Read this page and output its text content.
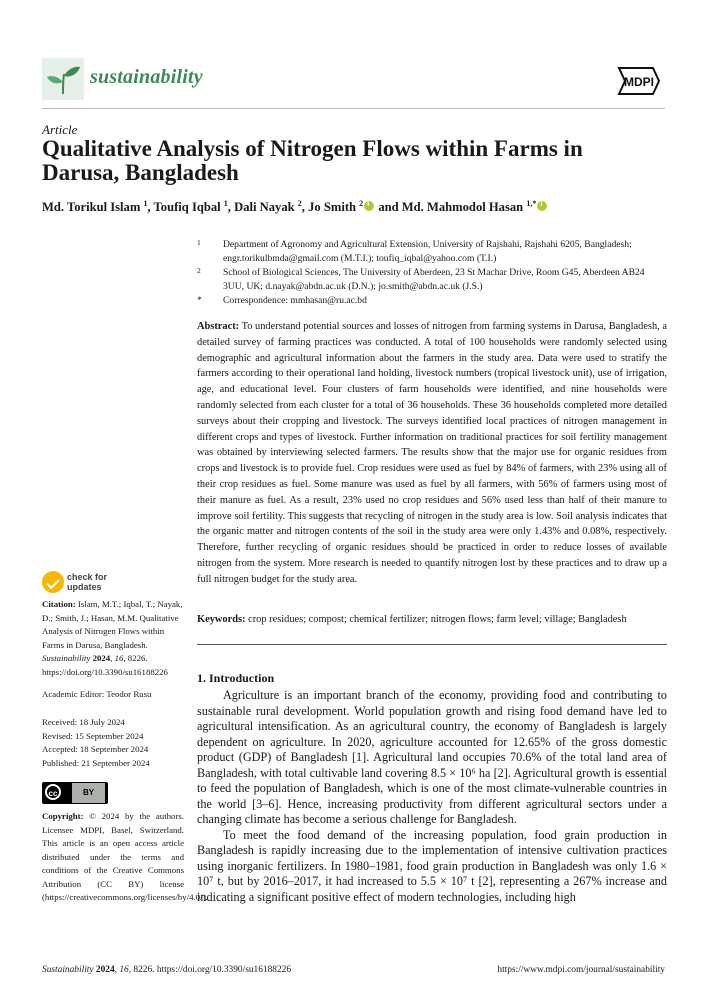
sustainability	MDPI
Article
Qualitative Analysis of Nitrogen Flows within Farms in Darusa, Bangladesh
Md. Torikul Islam $^1$, Toufiq Iqbal $^1$, Dali Nayak $^2$, Jo Smith $^2$i and Md. Mahmodol Hasan $^{1,*}$i
1 Department of Agronomy and Agricultural Extension, University of Rajshahi, Rajshahi 6205, Bangladesh; engr.torikulbmda@gmail.com (M.T.I.); toufiq_iqbal@yahoo.com (T.I.)
2 School of Biological Sciences, The University of Aberdeen, 23 St Machar Drive, Room G45, Aberdeen AB24 3UU, UK; d.nayak@abdn.ac.uk (D.N.); jo.smith@abdn.ac.uk (J.S.)
* Correspondence: mmhasan@ru.ac.bd
Abstract: To understand potential sources and losses of nitrogen from farming systems in Darusa, Bangladesh, a detailed survey of farming practices was conducted. A total of 100 households were randomly selected using demographic and agricultural information about the farmers in the study area. Data were used to stratify the farmers according to their operational land holding, livestock numbers (tropical livestock unit), use of irrigation, age, and educational level. Four clusters of farm households were identified, and nine households were randomly selected from each cluster for a total of 36 households. These 36 households completed more detailed surveys about their cropping and livestock. The surveys identified local practices of nitrogen management in different crops and types of livestock. Further information on traditional practices for soil fertility management was obtained by interviewing selected farmers. The results show that the major use for organic residues from crops and livestock is to provide fuel. Crop residues were used as fuel by 84% of farmers, with 23% using all of their crop residues as fuel. Some manure was used as fuel by all farmers, with 56% of farmers using most of their manure as fuel. As a result, 23% used no crop residues and 56% used less than half of their manure to improve soil fertility. This suggests that recycling of nitrogen in the study area is low. Soil analysis indicates that the organic matter and nitrogen contents of the soil in the study area were only 1.43% and 0.08%, respectively. Therefore, further recycling of organic residues should be practiced in order to reduce losses of available nitrogen from the system. More research is needed to quantify nitrogen lost by these practices and to draw up a full nitrogen budget for the study area.
Keywords: crop residues; compost; chemical fertilizer; nitrogen flows; farm level; village; Bangladesh
check for
updates
Citation: Islam, M.T.; Iqbal, T.; Nayak, D.; Smith, J.; Hasan, M.M. Qualitative Analysis of Nitrogen Flows within Farms in Darusa, Bangladesh. Sustainability 2024, 16, 8226. https://doi.org/10.3390/su16188226
Academic Editor: Teodor Rusu
Received: 18 July 2024
Revised: 15 September 2024
Accepted: 18 September 2024
Published: 21 September 2024
cc	BY
Copyright: © 2024 by the authors. Licensee MDPI, Basel, Switzerland. This article is an open access article distributed under the terms and conditions of the Creative Commons Attribution (CC BY) license (https://creativecommons.org/licenses/by/4.0/).
1. Introduction

Agriculture is an important branch of the economy, providing food and contributing to sustainable rural development. World population growth and rising food demand have led to agricultural intensification. As an agricultural country, the economy of Bangladesh is largely dependent on agriculture. In 2020, agriculture accounted for 12.65% of the gross domestic product (GDP) of Bangladesh [1]. Agricultural land occupies 70.6% of the total land area of Bangladesh, with total cultivable land covering 8.5 × 10⁶ ha [2]. Agricultural growth is essential to feed the population of Bangladesh, which is one of the most climate-vulnerable countries in the world [3–6]. Hence, increasing productivity from different agricultural sectors under a changing climate has become a serious challenge for Bangladesh.

To meet the food demand of the increasing population, food grain production in Bangladesh is rapidly increasing due to the implementation of intensive cultivation practices using inorganic fertilizers. In 1980–1981, food grain production in Bangladesh was only 1.6 × 10⁷ t, but by 2016–2017, it had increased to 5.5 × 10⁷ t [2], representing a 267% increase and indicating a significant positive effect of modern technologies, including high

Sustainability 2024, 16, 8226. https://doi.org/10.3390/su16188226	https://www.mdpi.com/journal/sustainability
